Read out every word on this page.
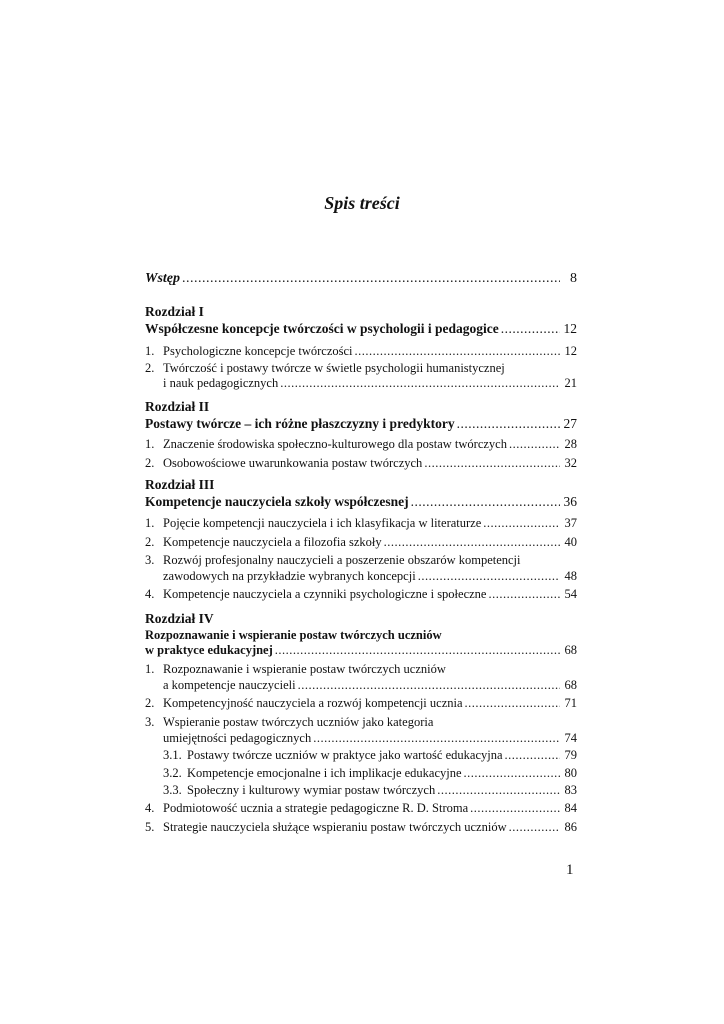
Spis treści
Wstęp .....	8
Rozdział I
Współczesne koncepcje twórczości w psychologii i pedagogice .....	12
1. Psychologiczne koncepcje twórczości .....	12
2. Twórczość i postawy twórcze w świetle psychologii humanistycznej
i nauk pedagogicznych .....	21
Rozdział II
Postawy twórcze – ich różne płaszczyzny i predyktory .....	27
1. Znaczenie środowiska społeczno-kulturowego dla postaw twórczych .....	28
2. Osobowościowe uwarunkowania postaw twórczych .....	32
Rozdział III
Kompetencje nauczyciela szkoły współczesnej .....	36
1. Pojęcie kompetencji nauczyciela i ich klasyfikacja w literaturze .....	37
2. Kompetencje nauczyciela a filozofia szkoły .....	40
3. Rozwój profesjonalny nauczycieli a poszerzenie obszarów kompetencji
zawodowych na przykładzie wybranych koncepcji .....	48
4. Kompetencje nauczyciela a czynniki psychologiczne i społeczne .....	54
Rozdział IV
Rozpoznawanie i wspieranie postaw twórczych uczniów
w praktyce edukacyjnej .....	68
1. Rozpoznawanie i wspieranie postaw twórczych uczniów
a kompetencje nauczycieli .....	68
2. Kompetencyjność nauczyciela a rozwój kompetencji ucznia .....	71
3. Wspieranie postaw twórczych uczniów jako kategoria
umiejętności pedagogicznych .....	74
3.1. Postawy twórcze uczniów w praktyce jako wartość edukacyjna .....	79
3.2. Kompetencje emocjonalne i ich implikacje edukacyjne .....	80
3.3. Społeczny i kulturowy wymiar postaw twórczych .....	83
4. Podmiotowość ucznia a strategie pedagogiczne R. D. Stroma .....	84
5. Strategie nauczyciela służące wspieraniu postaw twórczych uczniów .....	86
1
